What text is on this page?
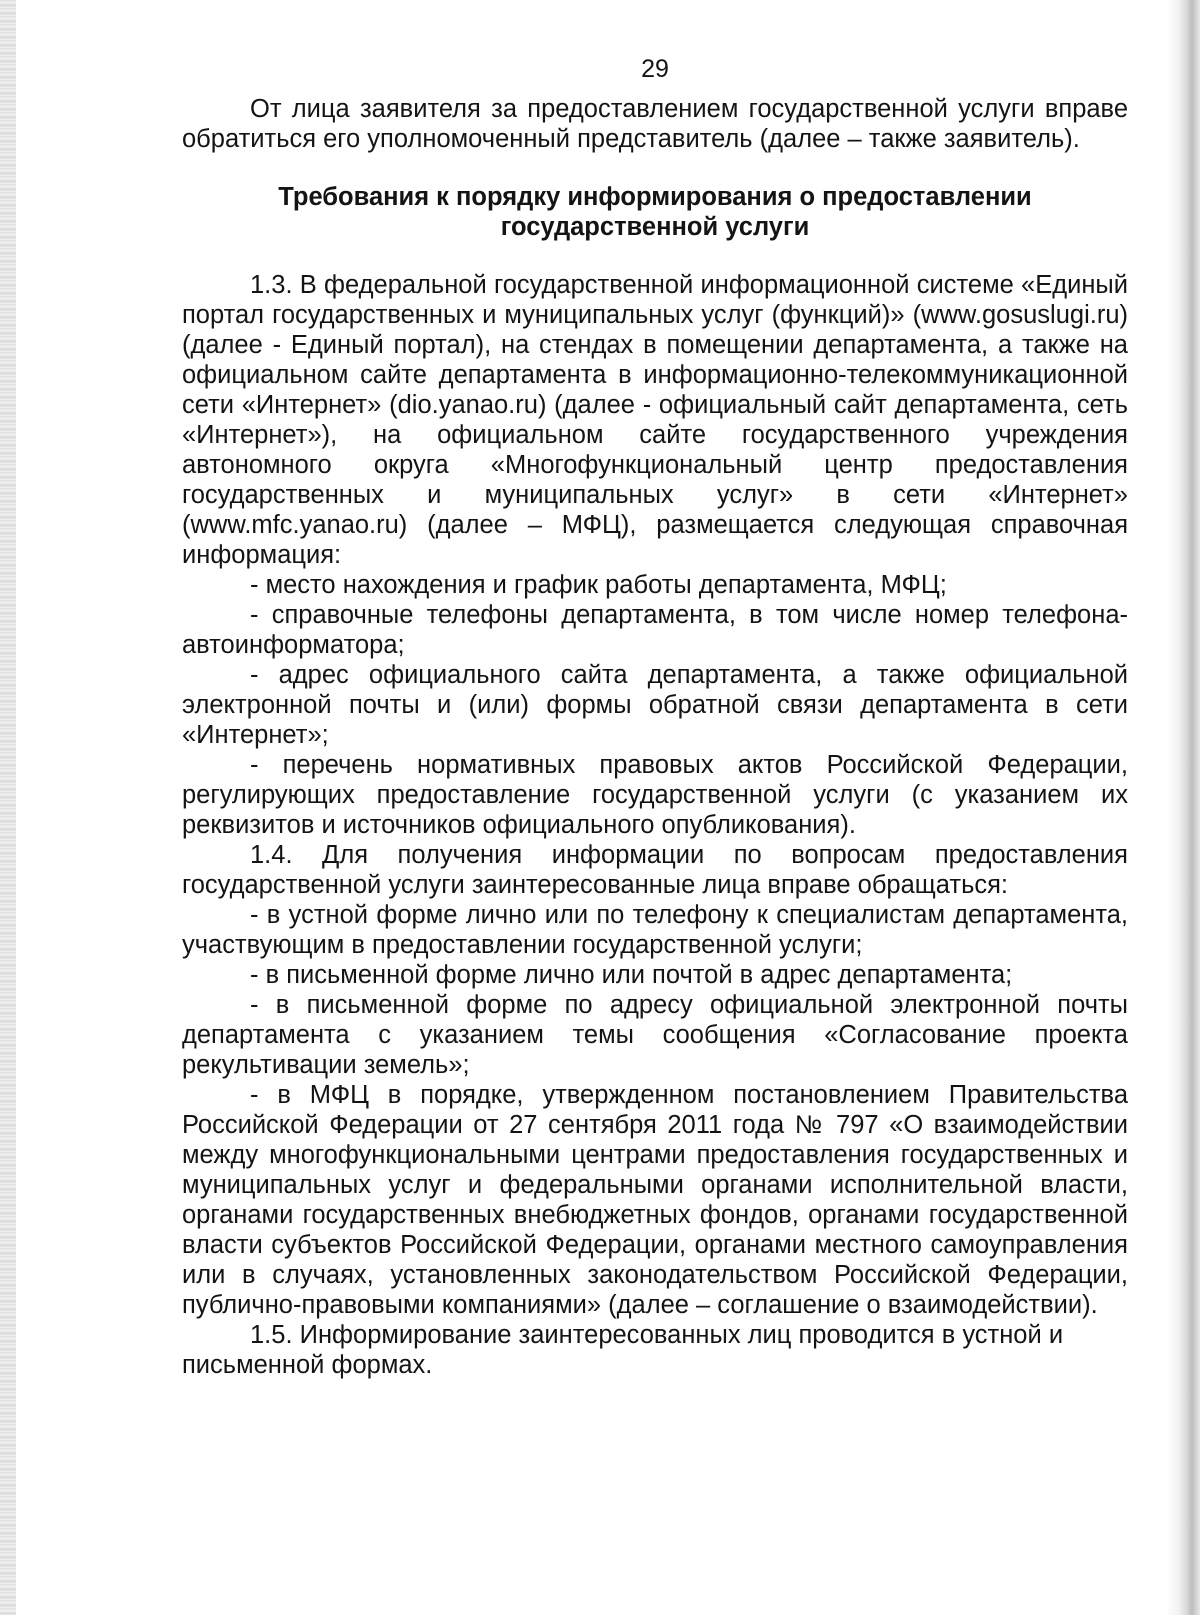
29

От лица заявителя за предоставлением государственной услуги вправе обратиться его уполномоченный представитель (далее – также заявитель).

Требования к порядку информирования о предоставлении государственной услуги

1.3. В федеральной государственной информационной системе «Единый портал государственных и муниципальных услуг (функций)» (www.gosuslugi.ru) (далее - Единый портал), на стендах в помещении департамента, а также на официальном сайте департамента в информационно-телекоммуникационной сети «Интернет» (dio.yanao.ru) (далее - официальный сайт департамента, сеть «Интернет»), на официальном сайте государственного учреждения автономного округа «Многофункциональный центр предоставления государственных и муниципальных услуг» в сети «Интернет» (www.mfc.yanao.ru) (далее – МФЦ), размещается следующая справочная информация:

- место нахождения и график работы департамента, МФЦ;

- справочные телефоны департамента, в том числе номер телефона-автоинформатора;

- адрес официального сайта департамента, а также официальной электронной почты и (или) формы обратной связи департамента в сети «Интернет»;

- перечень нормативных правовых актов Российской Федерации, регулирующих предоставление государственной услуги (с указанием их реквизитов и источников официального опубликования).

1.4. Для получения информации по вопросам предоставления государственной услуги заинтересованные лица вправе обращаться:

- в устной форме лично или по телефону к специалистам департамента, участвующим в предоставлении государственной услуги;

- в письменной форме лично или почтой в адрес департамента;

- в письменной форме по адресу официальной электронной почты департамента с указанием темы сообщения «Согласование проекта рекультивации земель»;

- в МФЦ в порядке, утвержденном постановлением Правительства Российской Федерации от 27 сентября 2011 года № 797 «О взаимодействии между многофункциональными центрами предоставления государственных и муниципальных услуг и федеральными органами исполнительной власти, органами государственных внебюджетных фондов, органами государственной власти субъектов Российской Федерации, органами местного самоуправления или в случаях, установленных законодательством Российской Федерации, публично-правовыми компаниями» (далее – соглашение о взаимодействии).

1.5. Информирование заинтересованных лиц проводится в устной и письменной формах.
